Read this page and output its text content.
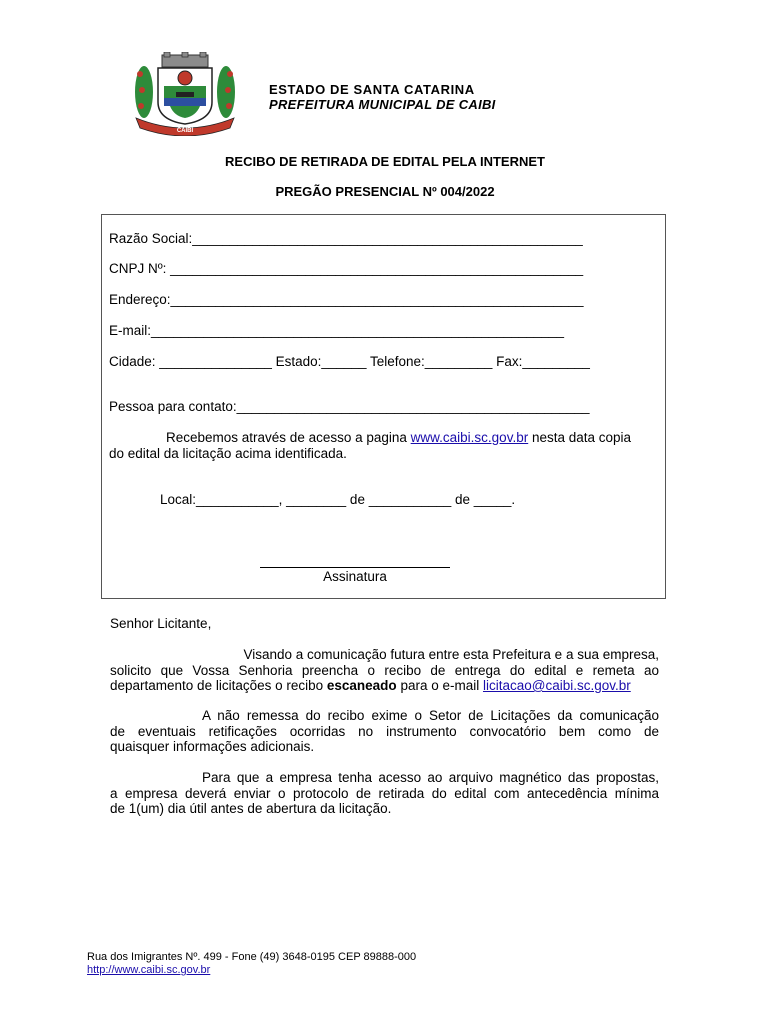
CAIBI
ESTADO DE SANTA CATARINA
PREFEITURA MUNICIPAL DE CAIBI
RECIBO DE RETIRADA DE EDITAL PELA INTERNET
PREGÃO PRESENCIAL Nº 004/2022
Razão Social:____________________________________________________
CNPJ Nº: _______________________________________________________
Endereço:_______________________________________________________
E-mail:_______________________________________________________
Cidade: _______________ Estado:______ Telefone:_________ Fax:_________
Pessoa para contato:_______________________________________________
Recebemos através de acesso a pagina www.caibi.sc.gov.br nesta data copia
do edital da licitação acima identificada.
Local:___________, ________ de ___________ de _____.
Assinatura
Senhor Licitante,
Visando a comunicação futura entre esta Prefeitura e a sua empresa,
solicito que Vossa Senhoria preencha o recibo de entrega do edital e remeta ao
departamento de licitações o recibo escaneado para o e-mail licitacao@caibi.sc.gov.br
A não remessa do recibo exime o Setor de Licitações da comunicação
de eventuais retificações ocorridas no instrumento convocatório bem como de
quaisquer informações adicionais.
Para que a empresa tenha acesso ao arquivo magnético das propostas,
a empresa deverá enviar o protocolo de retirada do edital com antecedência mínima
de 1(um) dia útil antes de abertura da licitação.
Rua dos Imigrantes Nº. 499 - Fone (49) 3648-0195 CEP 89888-000
http://www.caibi.sc.gov.br
